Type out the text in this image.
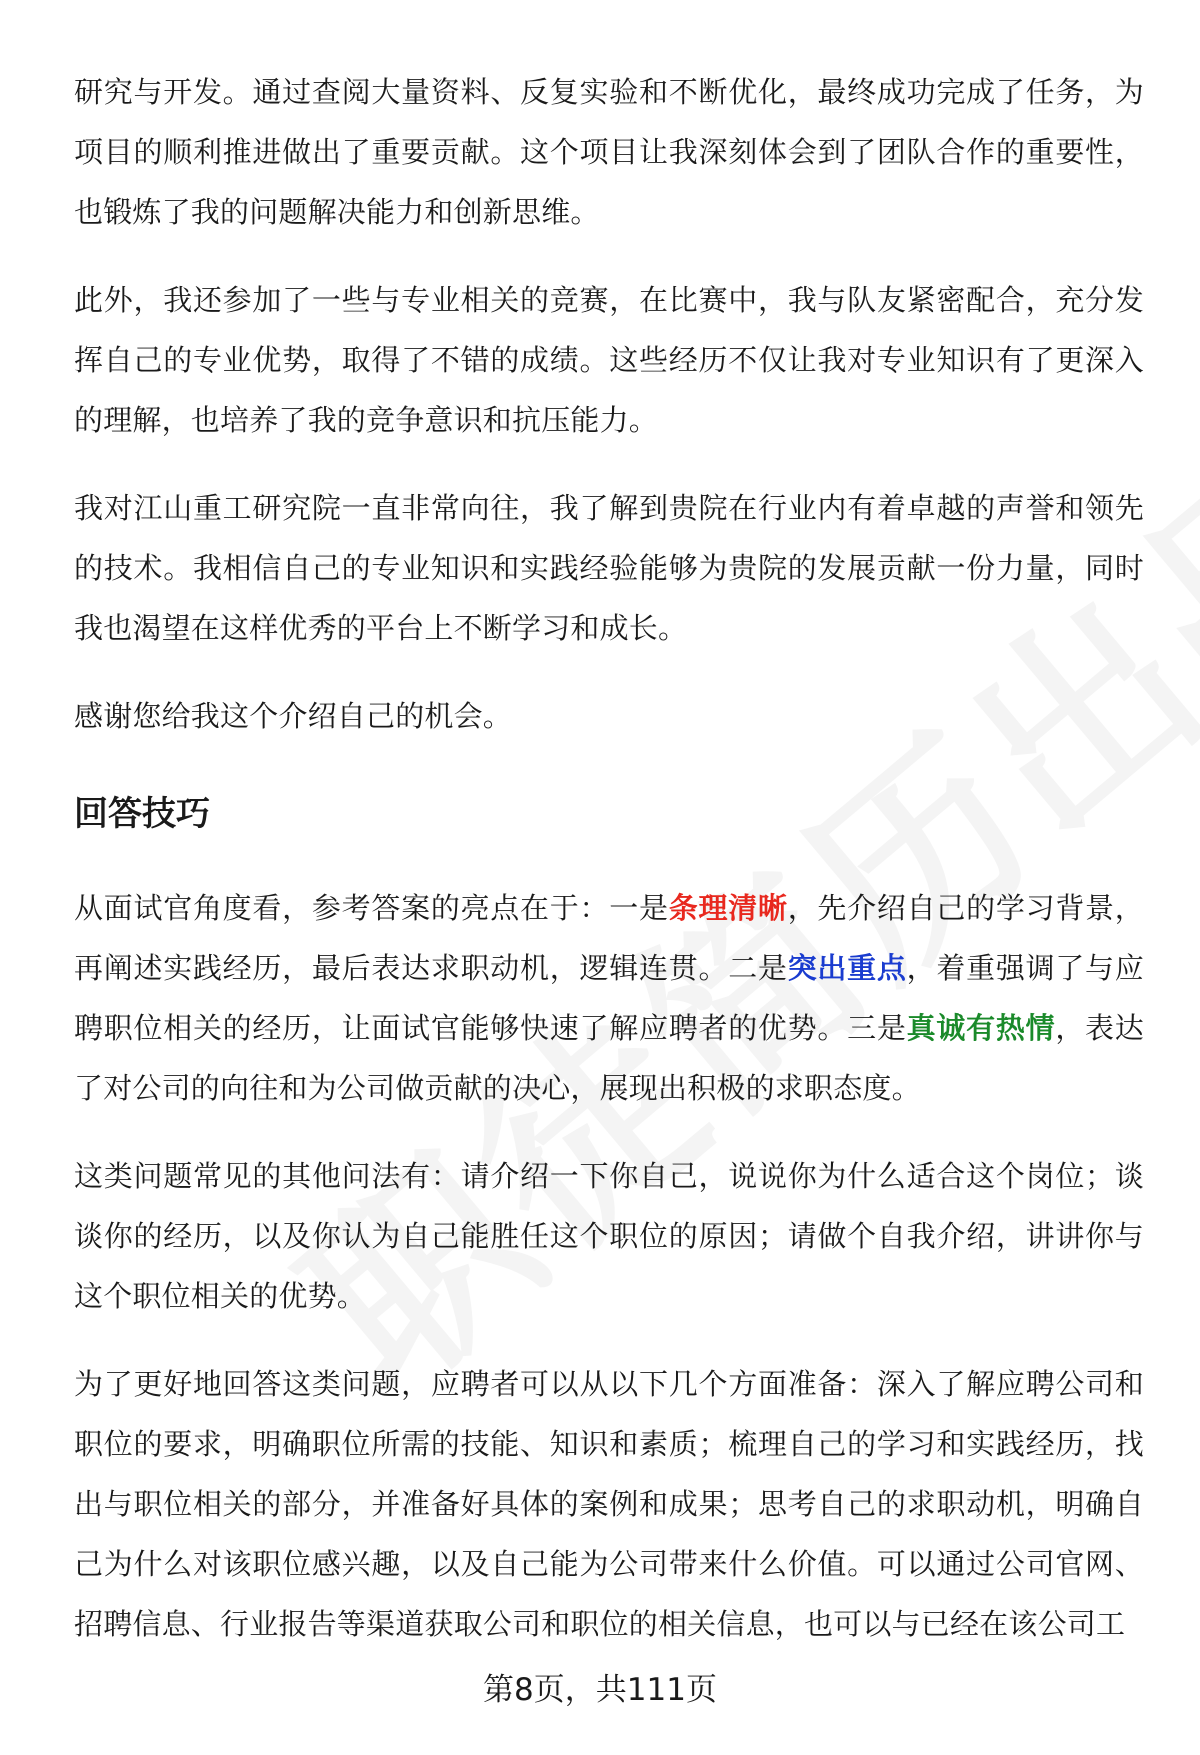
研究与开发。通过查阅大量资料、反复实验和不断优化，最终成功完成了任务，为项目的顺利推进做出了重要贡献。这个项目让我深刻体会到了团队合作的重要性，也锻炼了我的问题解决能力和创新思维。

此外，我还参加了一些与专业相关的竞赛，在比赛中，我与队友紧密配合，充分发挥自己的专业优势，取得了不错的成绩。这些经历不仅让我对专业知识有了更深入的理解，也培养了我的竞争意识和抗压能力。

我对江山重工研究院一直非常向往，我了解到贵院在行业内有着卓越的声誉和领先的技术。我相信自己的专业知识和实践经验能够为贵院的发展贡献一份力量，同时我也渴望在这样优秀的平台上不断学习和成长。

感谢您给我这个介绍自己的机会。

回答技巧

从面试官角度看，参考答案的亮点在于：一是条理清晰，先介绍自己的学习背景，再阐述实践经历，最后表达求职动机，逻辑连贯。二是突出重点，着重强调了与应聘职位相关的经历，让面试官能够快速了解应聘者的优势。三是真诚有热情，表达了对公司的向往和为公司做贡献的决心，展现出积极的求职态度。

这类问题常见的其他问法有：请介绍一下你自己，说说你为什么适合这个岗位；谈谈你的经历，以及你认为自己能胜任这个职位的原因；请做个自我介绍，讲讲你与这个职位相关的优势。

为了更好地回答这类问题，应聘者可以从以下几个方面准备：深入了解应聘公司和职位的要求，明确职位所需的技能、知识和素质；梳理自己的学习和实践经历，找出与职位相关的部分，并准备好具体的案例和成果；思考自己的求职动机，明确自己为什么对该职位感兴趣，以及自己能为公司带来什么价值。可以通过公司官网、招聘信息、行业报告等渠道获取公司和职位的相关信息，也可以与已经在该公司工

第8页，共111页
